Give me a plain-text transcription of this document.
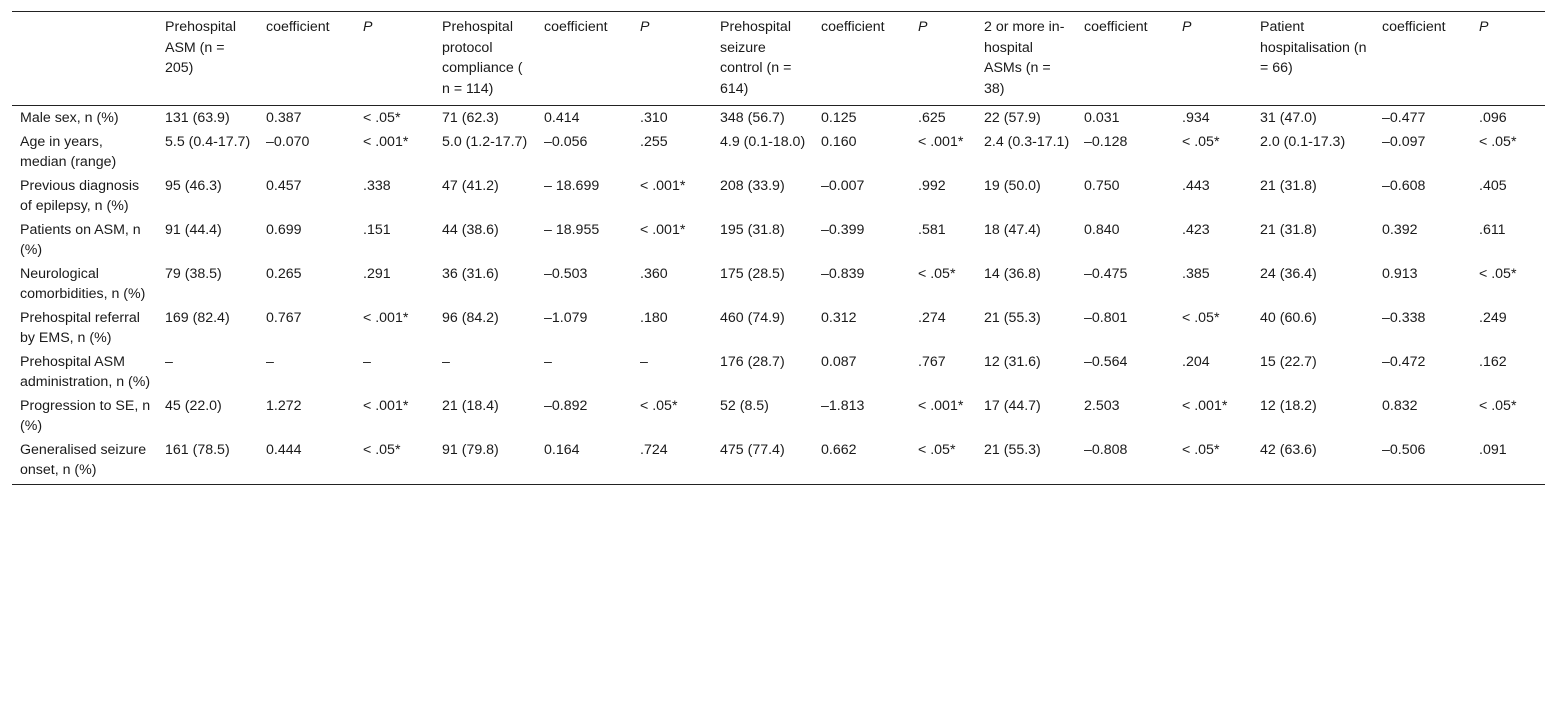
	Prehospital ASM (n = 205)	coefficient	P	Prehospital protocol compliance ( n = 114)	coefficient	P	Prehospital seizure control (n = 614)	coefficient	P	2 or more in-hospital ASMs (n = 38)	coefficient	P	Patient hospitalisation (n = 66)	coefficient	P
Male sex, n (%)	131 (63.9)	0.387	< .05*	71 (62.3)	0.414	.310	348 (56.7)	0.125	.625	22 (57.9)	0.031	.934	31 (47.0)	–0.477	.096
Age in years, median (range)	5.5 (0.4-17.7)	–0.070	< .001*	5.0 (1.2-17.7)	–0.056	.255	4.9 (0.1-18.0)	0.160	< .001*	2.4 (0.3-17.1)	–0.128	< .05*	2.0 (0.1-17.3)	–0.097	< .05*
Previous diagnosis of epilepsy, n (%)	95 (46.3)	0.457	.338	47 (41.2)	– 18.699	< .001*	208 (33.9)	–0.007	.992	19 (50.0)	0.750	.443	21 (31.8)	–0.608	.405
Patients on ASM, n (%)	91 (44.4)	0.699	.151	44 (38.6)	– 18.955	< .001*	195 (31.8)	–0.399	.581	18 (47.4)	0.840	.423	21 (31.8)	0.392	.611
Neurological comorbidities, n (%)	79 (38.5)	0.265	.291	36 (31.6)	–0.503	.360	175 (28.5)	–0.839	< .05*	14 (36.8)	–0.475	.385	24 (36.4)	0.913	< .05*
Prehospital referral by EMS, n (%)	169 (82.4)	0.767	< .001*	96 (84.2)	–1.079	.180	460 (74.9)	0.312	.274	21 (55.3)	–0.801	< .05*	40 (60.6)	–0.338	.249
Prehospital ASM administration, n (%)	–	–	–	–	–	–	176 (28.7)	0.087	.767	12 (31.6)	–0.564	.204	15 (22.7)	–0.472	.162
Progression to SE, n (%)	45 (22.0)	1.272	< .001*	21 (18.4)	–0.892	< .05*	52 (8.5)	–1.813	< .001*	17 (44.7)	2.503	< .001*	12 (18.2)	0.832	< .05*
Generalised seizure onset, n (%)	161 (78.5)	0.444	< .05*	91 (79.8)	0.164	.724	475 (77.4)	0.662	< .05*	21 (55.3)	–0.808	< .05*	42 (63.6)	–0.506	.091
